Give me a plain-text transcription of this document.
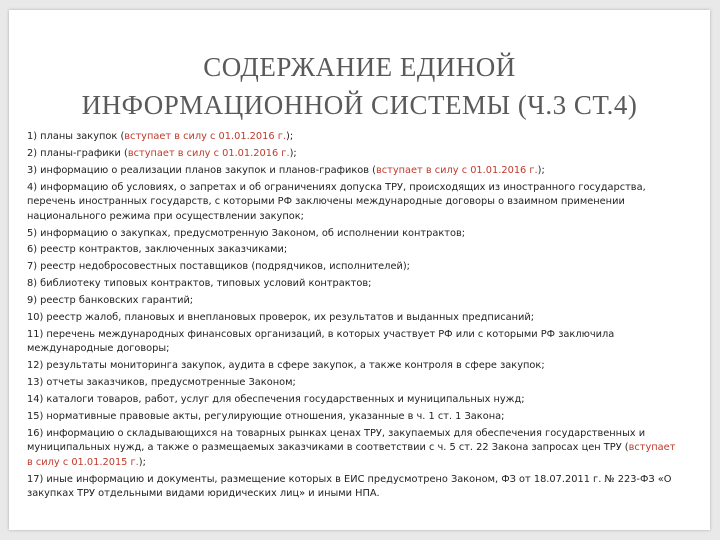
СОДЕРЖАНИЕ ЕДИНОЙ
ИНФОРМАЦИОННОЙ СИСТЕМЫ (Ч.3 СТ.4)
1) планы закупок (вступает в силу с 01.01.2016 г.);
2) планы-графики (вступает в силу с 01.01.2016 г.);
3) информацию о реализации планов закупок и планов-графиков (вступает в силу с 01.01.2016 г.);
4) информацию об условиях, о запретах и об ограничениях допуска ТРУ, происходящих из иностранного государства, перечень иностранных государств, с которыми РФ заключены международные договоры о взаимном применении национального режима при осуществлении закупок;
5) информацию о закупках, предусмотренную Законом, об исполнении контрактов;
6) реестр контрактов, заключенных заказчиками;
7) реестр недобросовестных поставщиков (подрядчиков, исполнителей);
8) библиотеку типовых контрактов, типовых условий контрактов;
9) реестр банковских гарантий;
10) реестр жалоб, плановых и внеплановых проверок, их результатов и выданных предписаний;
11) перечень международных финансовых организаций, в которых участвует РФ или с которыми РФ заключила международные договоры;
12) результаты мониторинга закупок, аудита в сфере закупок, а также контроля в сфере закупок;
13) отчеты заказчиков, предусмотренные Законом;
14) каталоги товаров, работ, услуг для обеспечения государственных и муниципальных нужд;
15) нормативные правовые акты, регулирующие отношения, указанные в ч. 1 ст. 1 Закона;
16) информацию о складывающихся на товарных рынках ценах ТРУ, закупаемых для обеспечения государственных и муниципальных нужд, а также о размещаемых заказчиками в соответствии с ч. 5 ст. 22 Закона запросах цен ТРУ (вступает в силу с 01.01.2015 г.);
17) иные информацию и документы, размещение которых в ЕИС предусмотрено Законом, ФЗ от 18.07.2011 г. № 223-ФЗ «О закупках ТРУ отдельными видами юридических лиц» и иными НПА.
